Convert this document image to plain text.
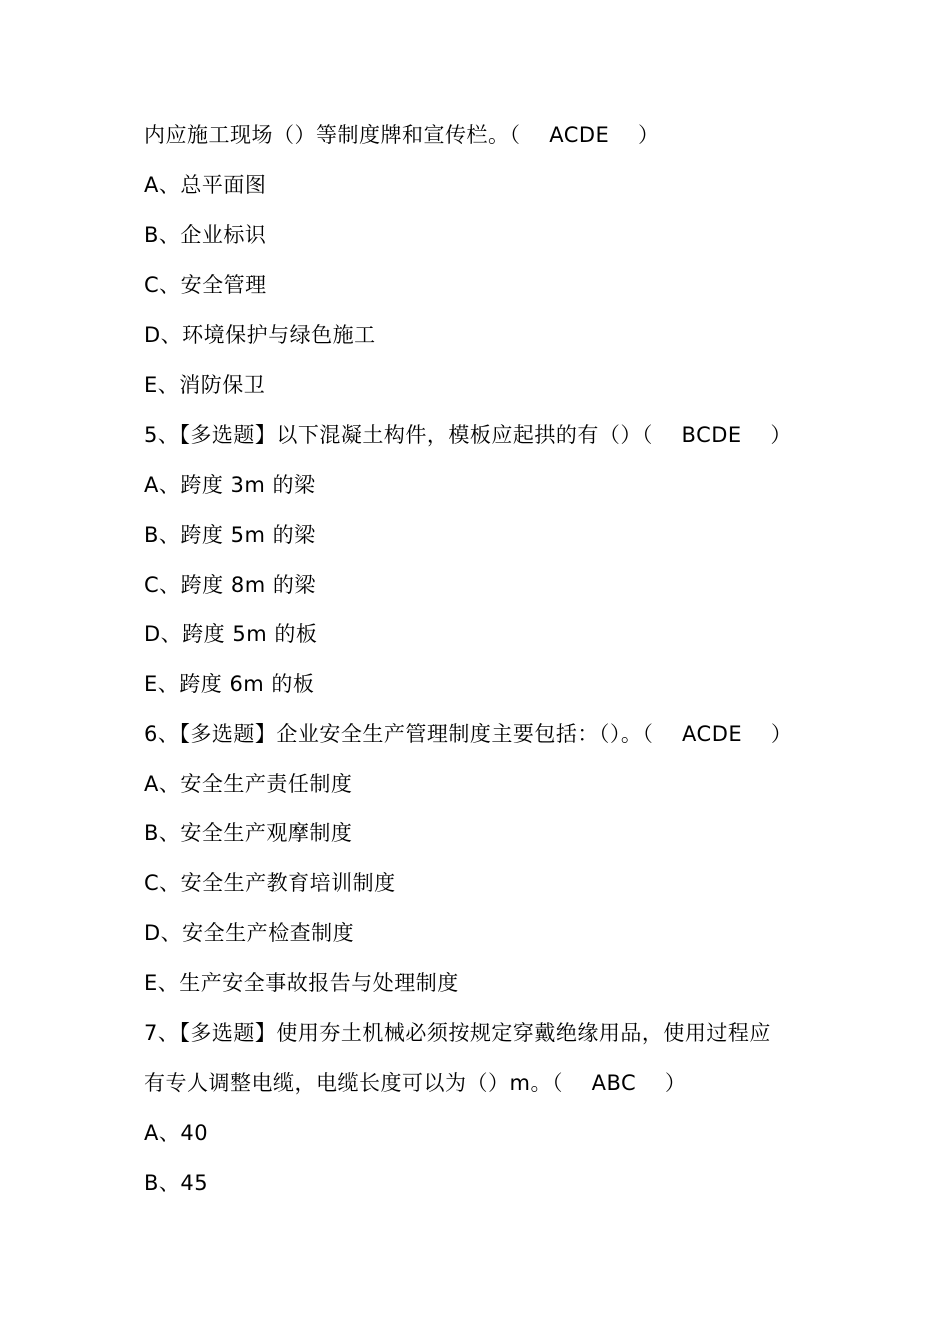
内应施工现场（）等制度牌和宣传栏。（    ACDE    ）
A、总平面图
B、企业标识
C、安全管理
D、环境保护与绿色施工
E、消防保卫
5、【多选题】以下混凝土构件，模板应起拱的有（）（    BCDE    ）
A、跨度 3m 的梁
B、跨度 5m 的梁
C、跨度 8m 的梁
D、跨度 5m 的板
E、跨度 6m 的板
6、【多选题】企业安全生产管理制度主要包括：（）。（    ACDE    ）
A、安全生产责任制度
B、安全生产观摩制度
C、安全生产教育培训制度
D、安全生产检查制度
E、生产安全事故报告与处理制度
7、【多选题】使用夯土机械必须按规定穿戴绝缘用品，使用过程应
有专人调整电缆，电缆长度可以为（）m。（    ABC    ）
A、40
B、45
